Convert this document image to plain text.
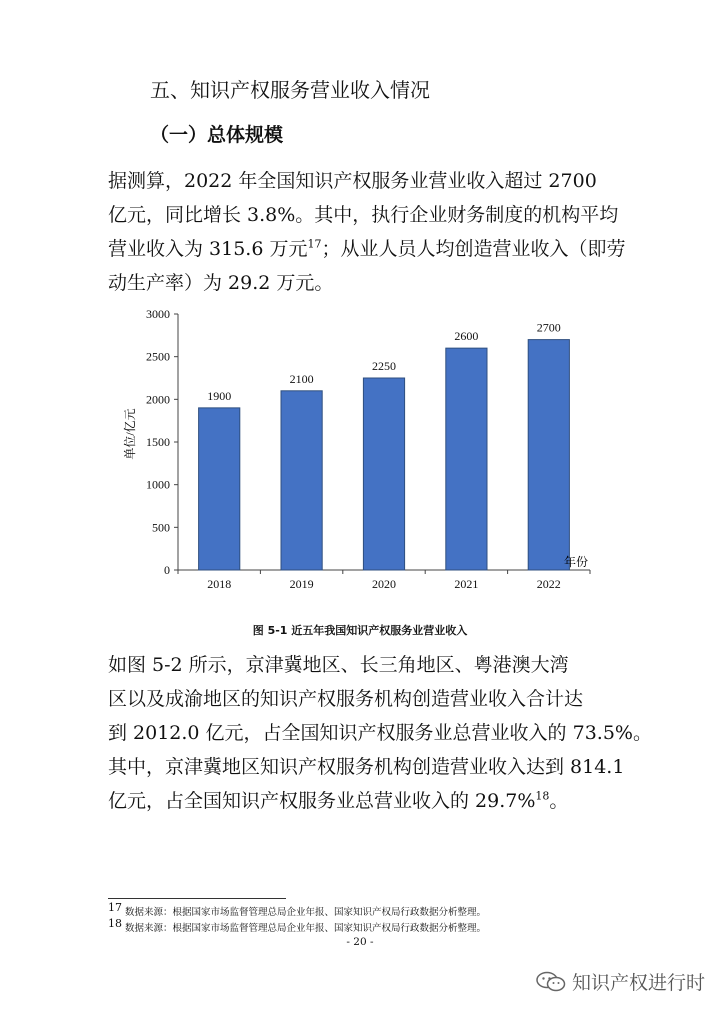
五、知识产权服务营业收入情况
（一）总体规模
据测算，2022 年全国知识产权服务业营业收入超过 2700
亿元，同比增长 3.8%。其中，执行企业财务制度的机构平均
营业收入为 315.6 万元$^{17}$；从业人员人均创造营业收入（即劳
动生产率）为 29.2 万元。
0
500
1000
1500
2000
2500
3000
2018	2019	2020	2021	2022
1900
2100
2250
2600
2700
单位/亿元
年份
图 5-1 近五年我国知识产权服务业营业收入
如图 5-2 所示，京津冀地区、长三角地区、粤港澳大湾
区以及成渝地区的知识产权服务机构创造营业收入合计达
到 2012.0 亿元，占全国知识产权服务业总营业收入的 73.5%。
其中，京津冀地区知识产权服务机构创造营业收入达到 814.1
亿元，占全国知识产权服务业总营业收入的 29.7%$^{18}$。
$^{17}$ 数据来源：根据国家市场监督管理总局企业年报、国家知识产权局行政数据分析整理。
$^{18}$ 数据来源：根据国家市场监督管理总局企业年报、国家知识产权局行政数据分析整理。
- 20 -
知识产权进行时
